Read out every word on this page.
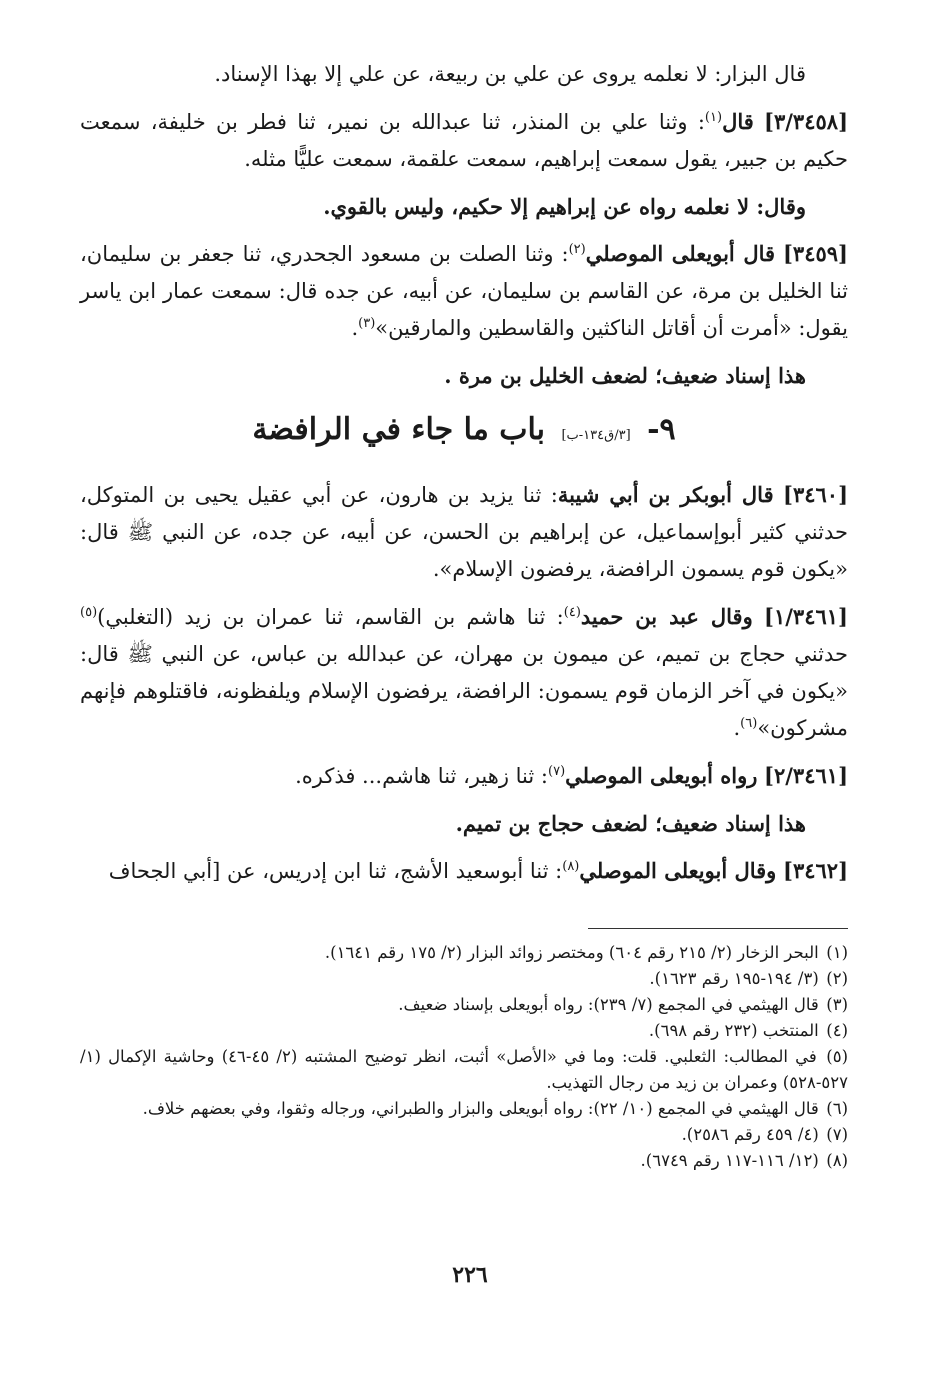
قال البزار: لا نعلمه يروى عن علي بن ربيعة، عن علي إلا بهذا الإسناد.

[٣/٣٤٥٨] قال$^{(١)}$: وثنا علي بن المنذر، ثنا عبدالله بن نمير، ثنا فطر بن خليفة، سمعت حكيم بن جبير، يقول سمعت إبراهيم، سمعت علقمة، سمعت عليًّا مثله.

وقال: لا نعلمه رواه عن إبراهيم إلا حكيم، وليس بالقوي.

[٣٤٥٩] قال أبويعلى الموصلي$^{(٢)}$: وثنا الصلت بن مسعود الجحدري، ثنا جعفر بن سليمان، ثنا الخليل بن مرة، عن القاسم بن سليمان، عن أبيه، عن جده قال: سمعت عمار ابن ياسر يقول: «أمرت أن أقاتل الناكثين والقاسطين والمارقين»$^{(٣)}$.

هذا إسناد ضعيف؛ لضعف الخليل بن مرة .

٩- [٣/ق١٣٤-ب] باب ما جاء في الرافضة

[٣٤٦٠] قال أبوبكر بن أبي شيبة: ثنا يزيد بن هارون، عن أبي عقيل يحيى بن المتوكل، حدثني كثير أبوإسماعيل، عن إبراهيم بن الحسن، عن أبيه، عن جده، عن النبي ﷺ قال: «يكون قوم يسمون الرافضة، يرفضون الإسلام».

[١/٣٤٦١] وقال عبد بن حميد$^{(٤)}$: ثنا هاشم بن القاسم، ثنا عمران بن زيد (التغلبي)$^{(٥)}$ حدثني حجاج بن تميم، عن ميمون بن مهران، عن عبدالله بن عباس، عن النبي ﷺ قال: «يكون في آخر الزمان قوم يسمون: الرافضة، يرفضون الإسلام ويلفظونه، فاقتلوهم فإنهم مشركون»$^{(٦)}$.

[٢/٣٤٦١] رواه أبويعلى الموصلي$^{(٧)}$: ثنا زهير، ثنا هاشم... فذكره.

هذا إسناد ضعيف؛ لضعف حجاج بن تميم.

[٣٤٦٢] وقال أبويعلى الموصلي$^{(٨)}$: ثنا أبوسعيد الأشج، ثنا ابن إدريس، عن [أبي الجحاف

(١) البحر الزخار (٢/ ٢١٥ رقم ٦٠٤) ومختصر زوائد البزار (٢/ ١٧٥ رقم ١٦٤١).

(٢) (٣/ ١٩٤-١٩٥ رقم ١٦٢٣).

(٣) قال الهيثمي في المجمع (٧/ ٢٣٩): رواه أبويعلى بإسناد ضعيف.

(٤) المنتخب (٢٣٢ رقم ٦٩٨).

(٥) في المطالب: الثعلبي. قلت: وما في «الأصل» أثبت، انظر توضيح المشتبه (٢/ ٤٥-٤٦) وحاشية الإكمال (١/ ٥٢٧-٥٢٨) وعمران بن زيد من رجال التهذيب.

(٦) قال الهيثمي في المجمع (١٠/ ٢٢): رواه أبويعلى والبزار والطبراني، ورجاله وثقوا، وفي بعضهم خلاف.

(٧) (٤/ ٤٥٩ رقم ٢٥٨٦).

(٨) (١٢/ ١١٦-١١٧ رقم ٦٧٤٩).

٢٢٦
